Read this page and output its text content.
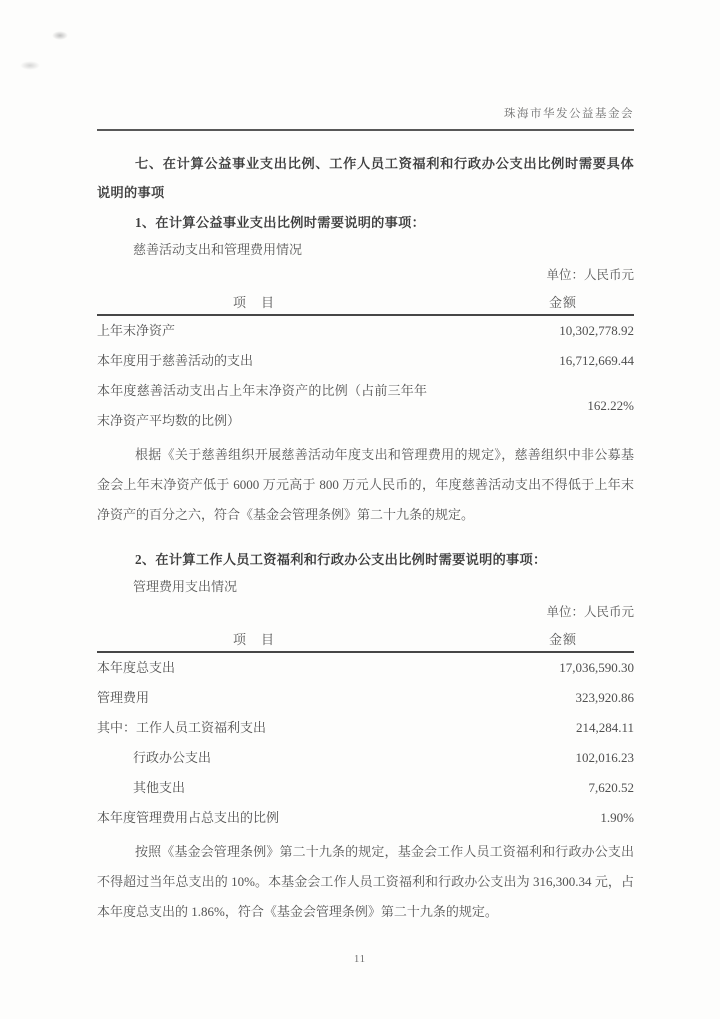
珠海市华发公益基金会
七、在计算公益事业支出比例、工作人员工资福利和行政办公支出比例时需要具体说明的事项
1、在计算公益事业支出比例时需要说明的事项：
慈善活动支出和管理费用情况
单位：人民币元
项　目	金额
上年末净资产	10,302,778.92
本年度用于慈善活动的支出	16,712,669.44
本年度慈善活动支出占上年末净资产的比例（占前三年年末净资产平均数的比例）
162.22%
根据《关于慈善组织开展慈善活动年度支出和管理费用的规定》，慈善组织中非公募基金会上年末净资产低于 6000 万元高于 800 万元人民币的，年度慈善活动支出不得低于上年末净资产的百分之六，符合《基金会管理条例》第二十九条的规定。
2、在计算工作人员工资福利和行政办公支出比例时需要说明的事项：
管理费用支出情况
单位：人民币元
项　目	金额
本年度总支出	17,036,590.30
管理费用	323,920.86
其中：工作人员工资福利支出	214,284.11
行政办公支出	102,016.23
其他支出	7,620.52
本年度管理费用占总支出的比例	1.90%
按照《基金会管理条例》第二十九条的规定，基金会工作人员工资福利和行政办公支出不得超过当年总支出的 10%。本基金会工作人员工资福利和行政办公支出为 316,300.34 元，占本年度总支出的 1.86%，符合《基金会管理条例》第二十九条的规定。
11
